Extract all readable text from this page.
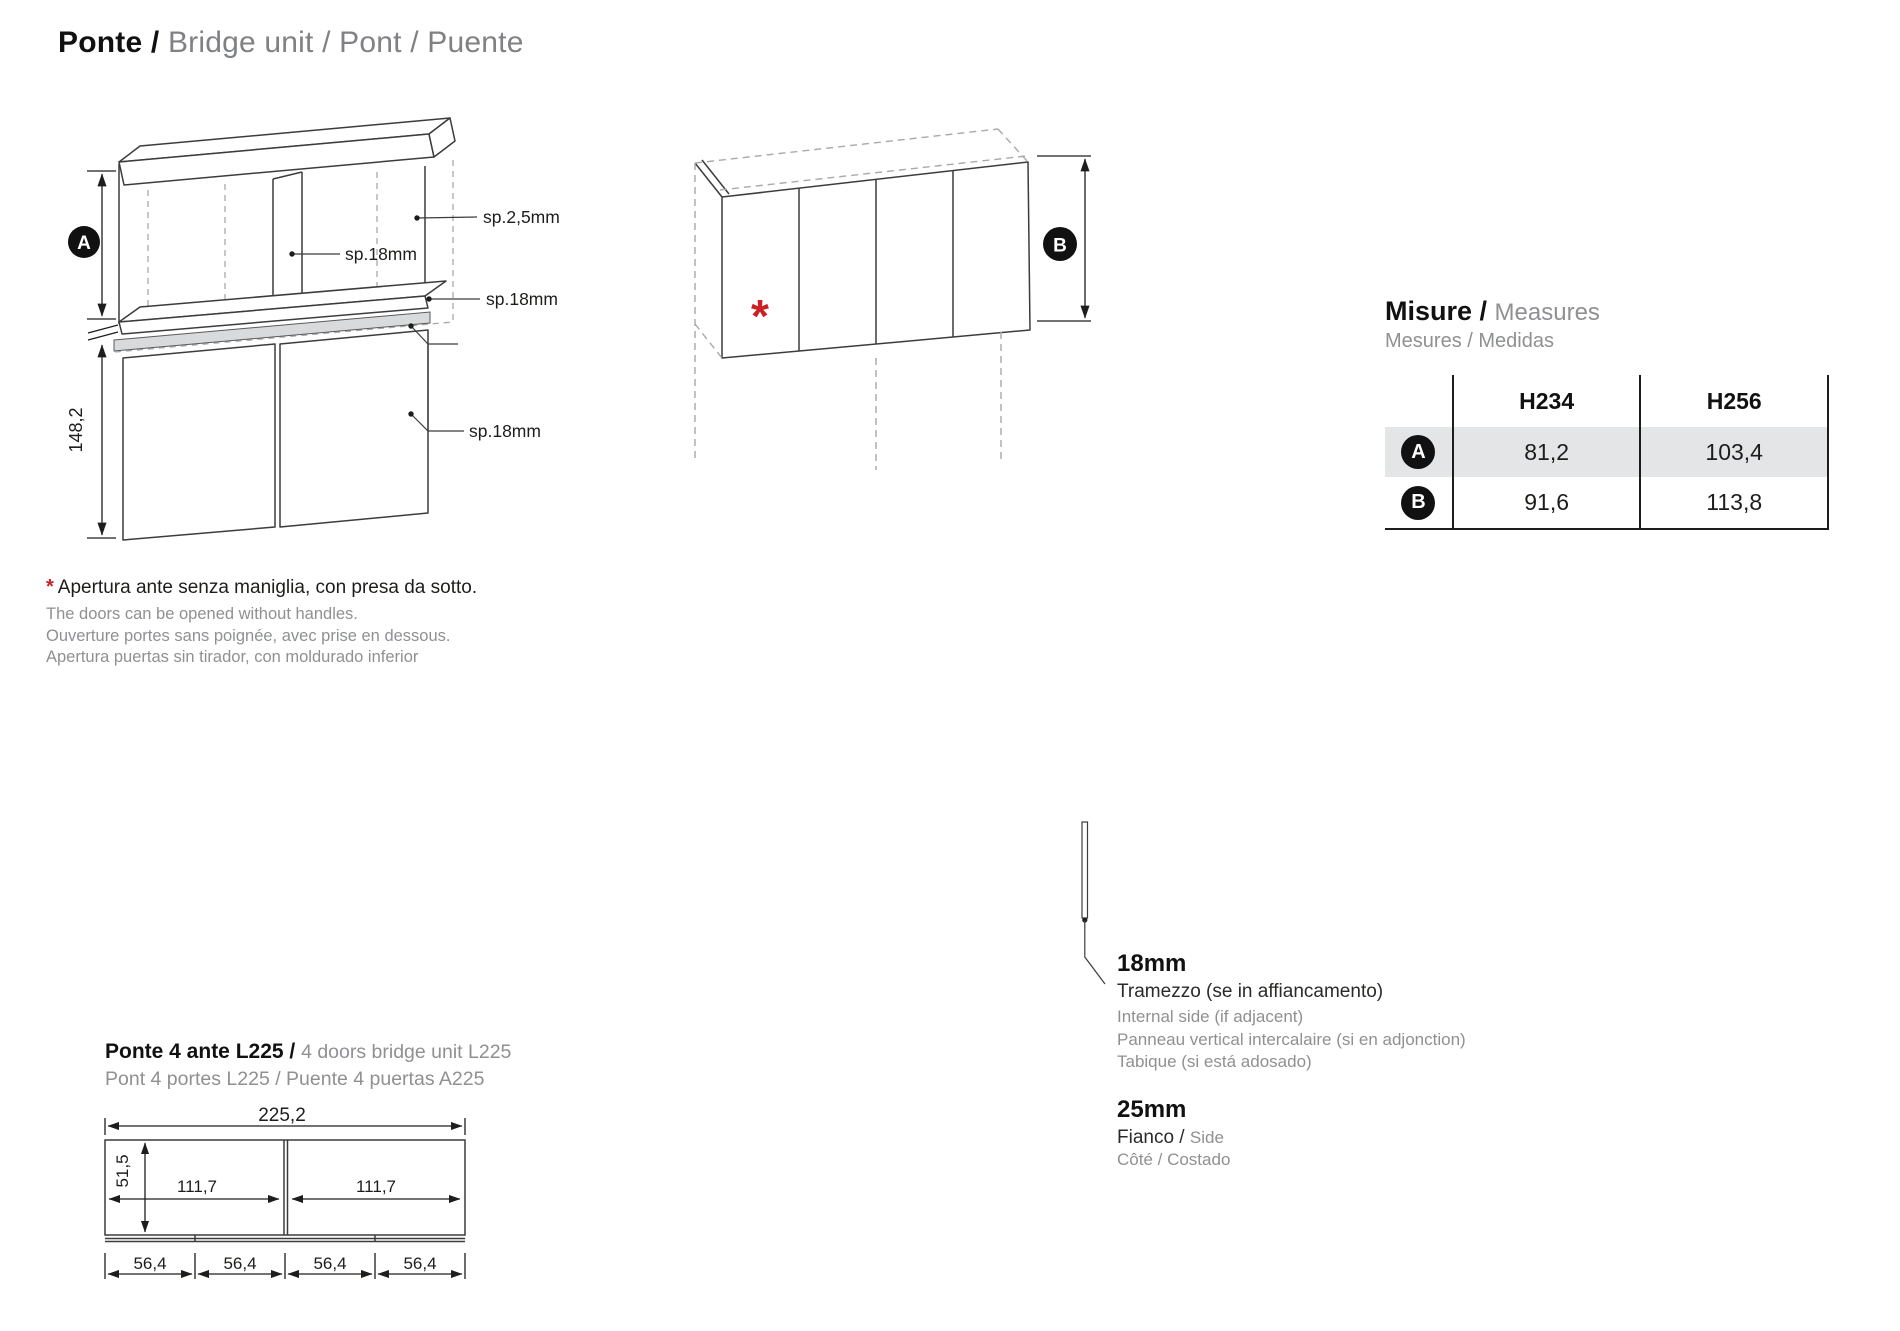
Ponte / Bridge unit / Pont / Puente
148,2
A
sp.2,5mm
sp.18mm
sp.18mm
sp.18mm
*
B
* Apertura ante senza maniglia, con presa da sotto.
The doors can be opened without handles.
Ouverture portes sans poignée, avec prise en dessous.
Apertura puertas sin tirador, con moldurado inferior
Misure / Measures
Mesures / Medidas
H234	H256
A	81,2	103,4
B	91,6	113,8
Ponte 4 ante L225 / 4 doors bridge unit L225
Pont 4 portes L225 / Puente 4 puertas A225
225,2
51,5	111,7	111,7
56,4	56,4	56,4	56,4
18mm
Tramezzo (se in affiancamento)
Internal side (if adjacent)
Panneau vertical intercalaire (si en adjonction)
Tabique (si está adosado)
25mm
Fianco / Side
Côté / Costado
